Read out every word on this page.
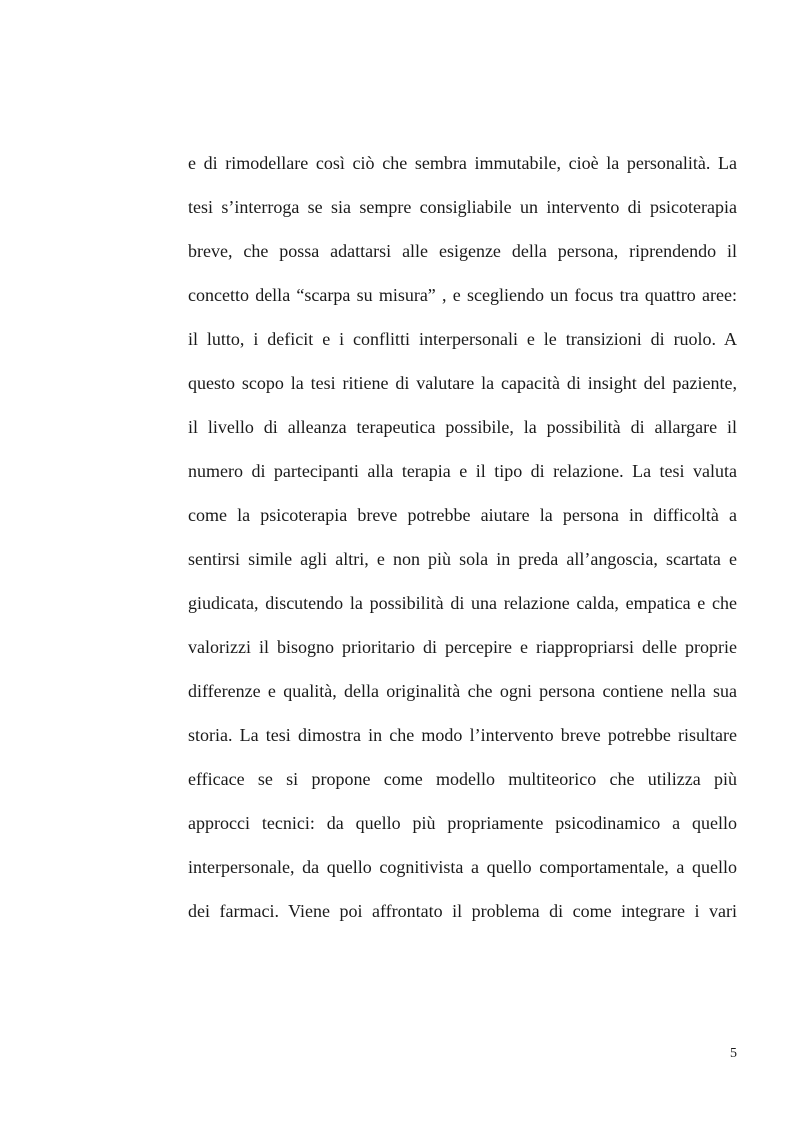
e di rimodellare così ciò che sembra immutabile, cioè la personalità. La
tesi s’interroga se sia sempre consigliabile un intervento di psicoterapia
breve, che possa adattarsi alle esigenze della persona, riprendendo il
concetto della “scarpa su misura” , e scegliendo un focus tra quattro aree:
il lutto, i deficit e i conflitti interpersonali e le transizioni di ruolo. A
questo scopo la tesi ritiene di valutare la capacità di insight del paziente,
il livello di alleanza terapeutica possibile, la possibilità di allargare il
numero di partecipanti alla terapia e il tipo di relazione. La tesi valuta
come la psicoterapia breve potrebbe aiutare la persona in difficoltà a
sentirsi simile agli altri, e non più sola in preda all’angoscia, scartata e
giudicata, discutendo la possibilità di una relazione calda, empatica e che
valorizzi il bisogno prioritario di percepire e riappropriarsi delle proprie
differenze e qualità, della originalità che ogni persona contiene nella sua
storia. La tesi dimostra in che modo l’intervento breve potrebbe risultare
efficace se si propone come modello multiteorico che utilizza più
approcci tecnici: da quello più propriamente psicodinamico a quello
interpersonale, da quello cognitivista a quello comportamentale, a quello
dei farmaci. Viene poi affrontato il problema di come integrare i vari
5
